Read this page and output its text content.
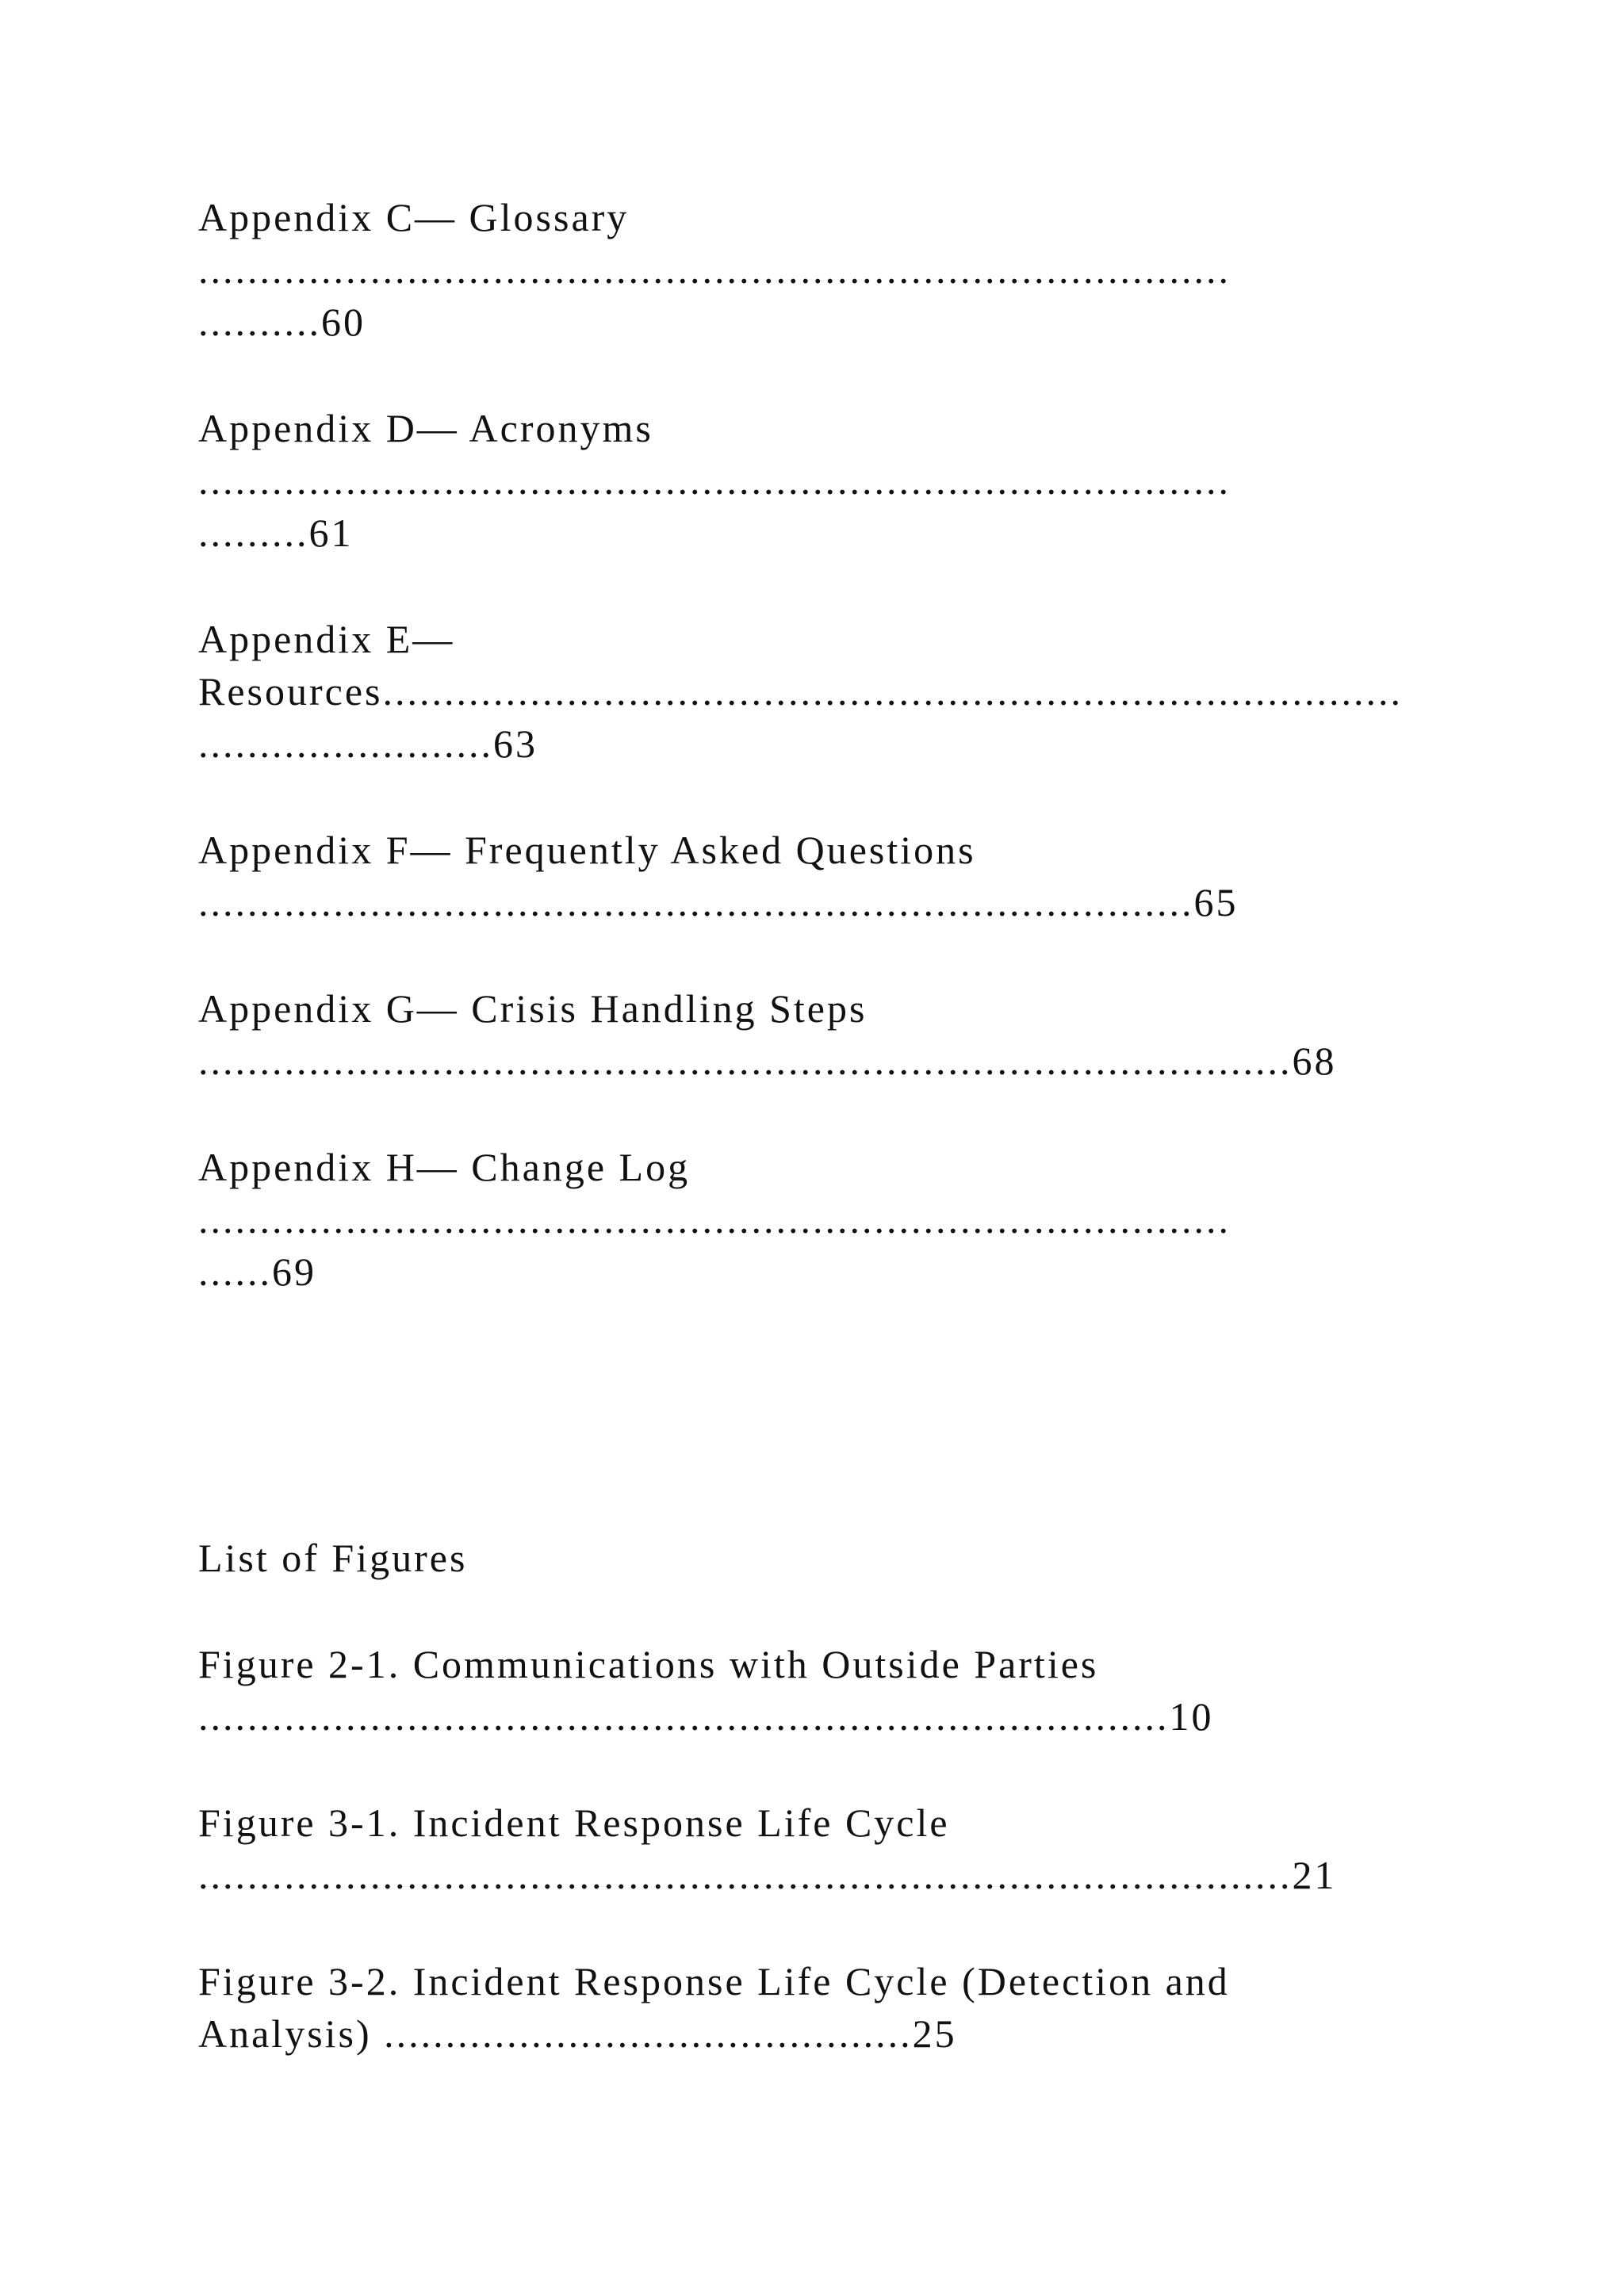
Appendix C— Glossary
....................................................................................
..........60
Appendix D— Acronyms
....................................................................................
.........61
Appendix E—
Resources...................................................................................
........................63
Appendix F— Frequently Asked Questions
.................................................................................65
Appendix G— Crisis Handling Steps
.........................................................................................68
Appendix H— Change Log
....................................................................................
......69
List of Figures
Figure 2-1. Communications with Outside Parties
...............................................................................10
Figure 3-1. Incident Response Life Cycle
.........................................................................................21
Figure 3-2. Incident Response Life Cycle (Detection and
Analysis) ...........................................25
